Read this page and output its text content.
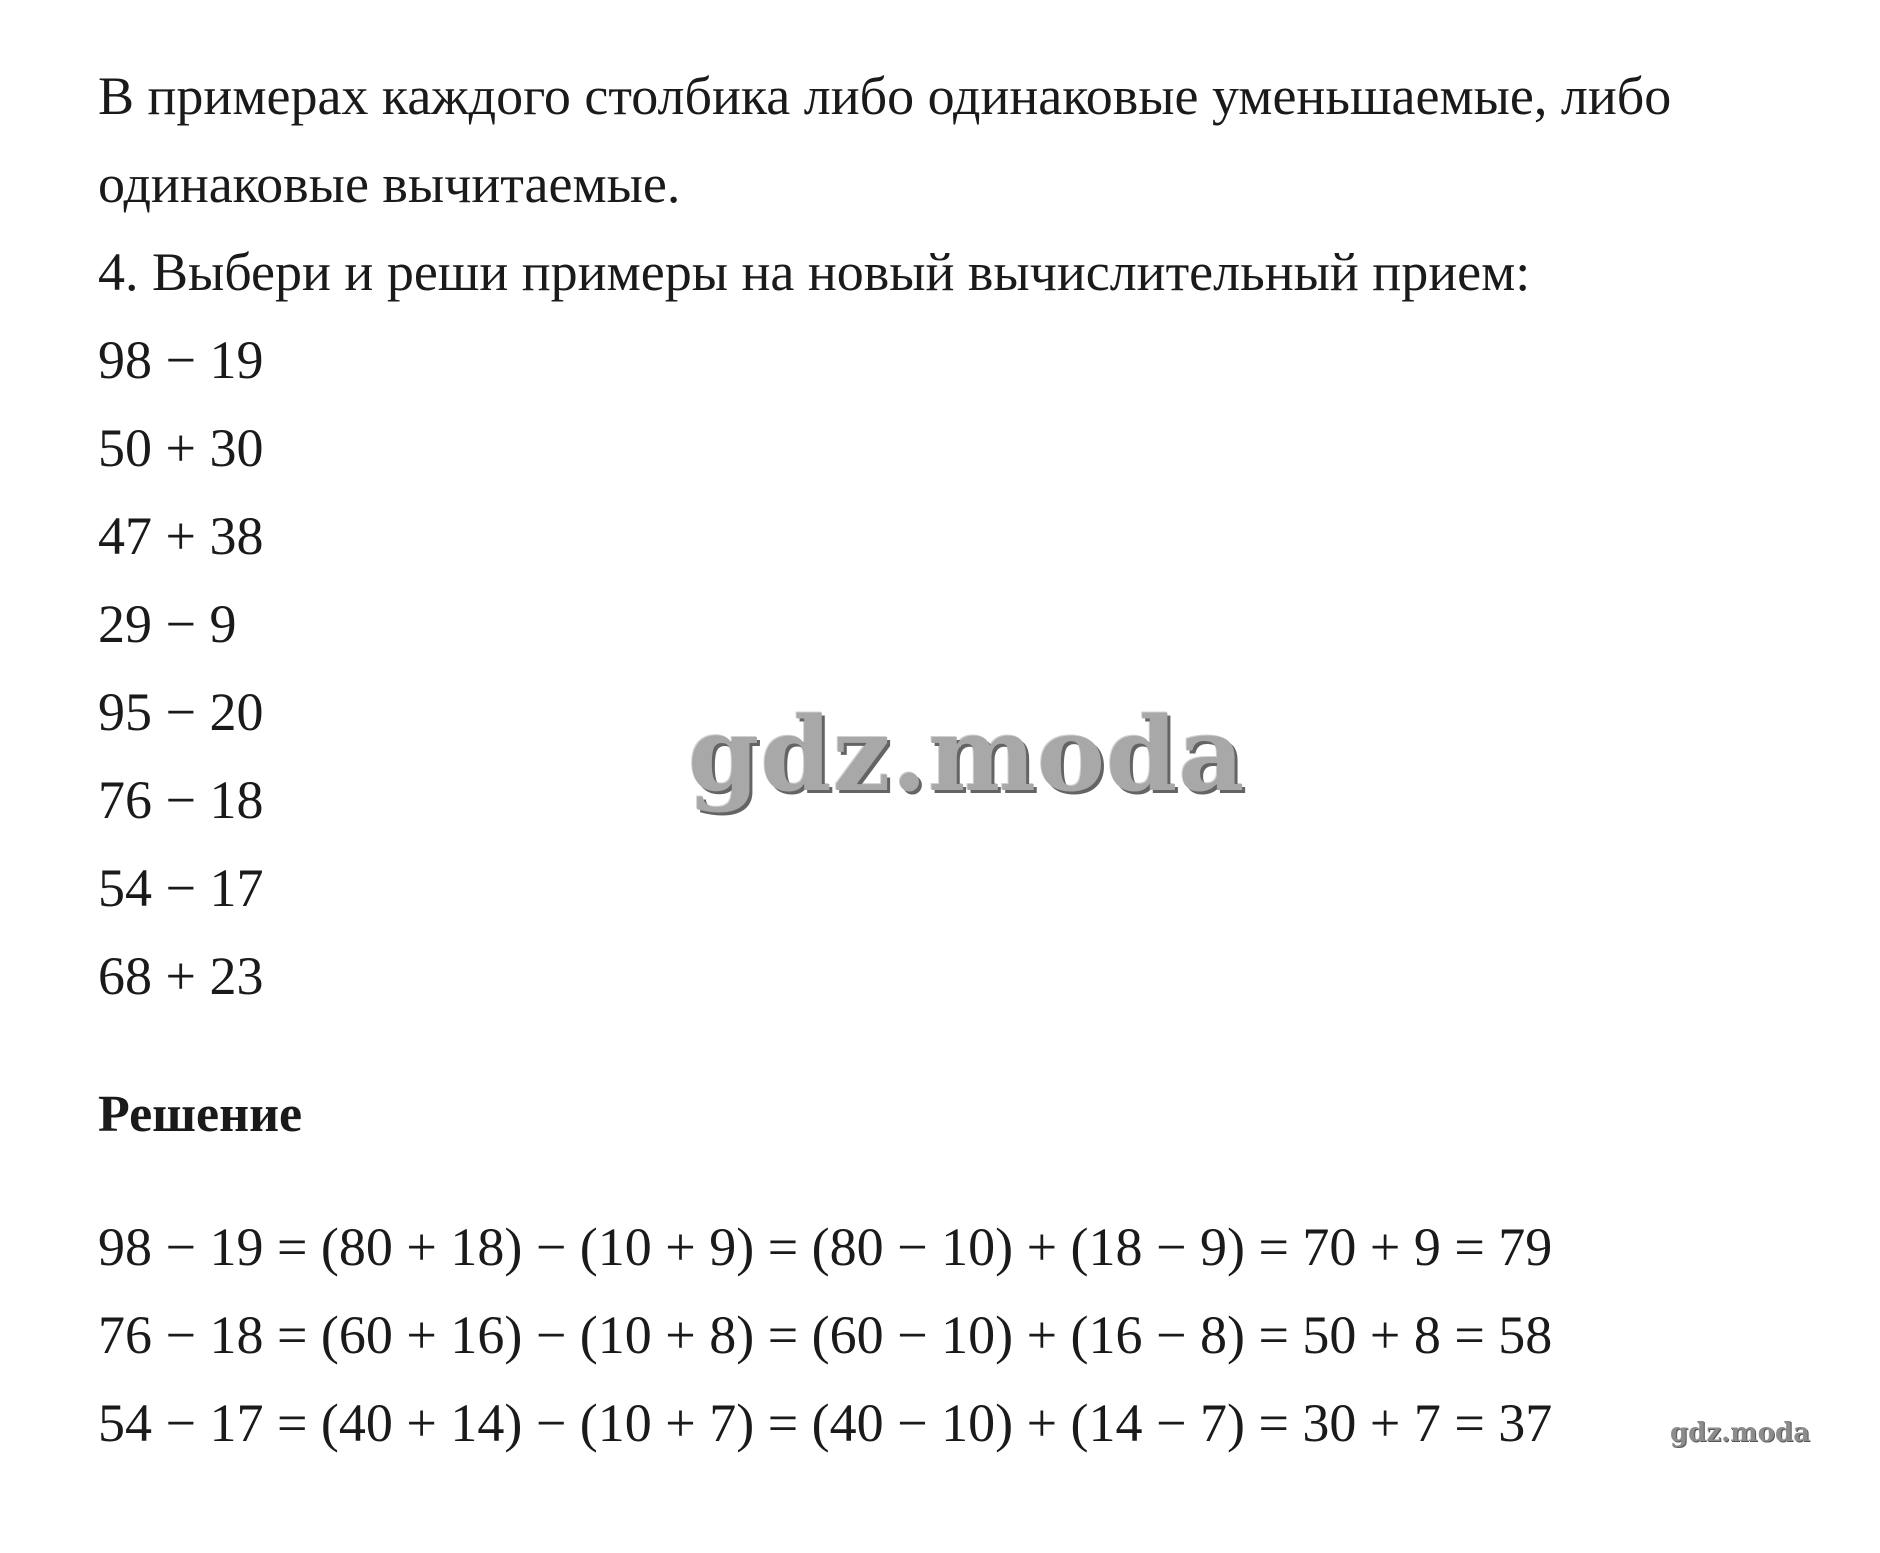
В примерах каждого столбика либо одинаковые уменьшаемые, либо
одинаковые вычитаемые.
4. Выбери и реши примеры на новый вычислительный прием:
98 − 19
50 + 30
47 + 38
29 − 9
95 − 20
76 − 18
54 − 17
68 + 23
Решение
98 − 19 = (80 + 18) − (10 + 9) = (80 − 10) + (18 − 9) = 70 + 9 = 79
76 − 18 = (60 + 16) − (10 + 8) = (60 − 10) + (16 − 8) = 50 + 8 = 58
54 − 17 = (40 + 14) − (10 + 7) = (40 − 10) + (14 − 7) = 30 + 7 = 37
gdz.moda
gdz.moda
